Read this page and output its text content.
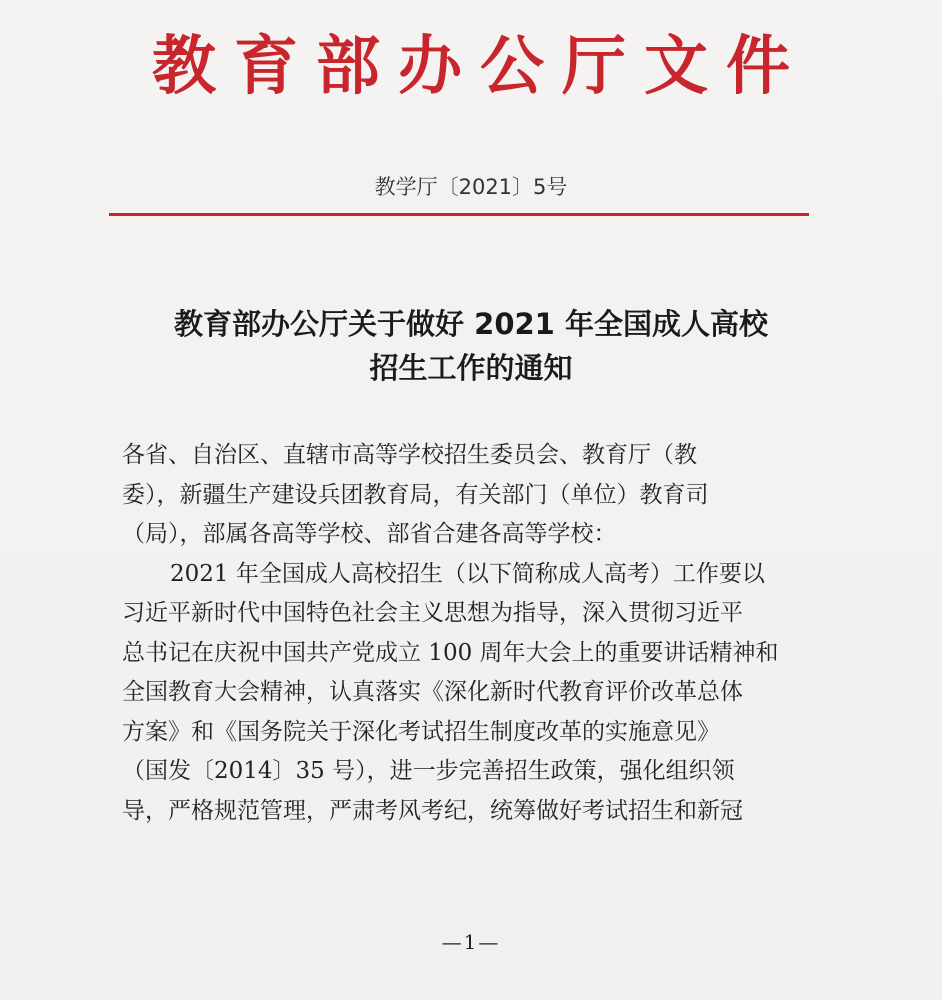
教育部办公厅文件
教学厅〔2021〕5号
教育部办公厅关于做好 2021 年全国成人高校
招生工作的通知
各省、自治区、直辖市高等学校招生委员会、教育厅（教
委），新疆生产建设兵团教育局，有关部门（单位）教育司
（局），部属各高等学校、部省合建各高等学校：
2021 年全国成人高校招生（以下简称成人高考）工作要以
习近平新时代中国特色社会主义思想为指导，深入贯彻习近平
总书记在庆祝中国共产党成立 100 周年大会上的重要讲话精神和
全国教育大会精神，认真落实《深化新时代教育评价改革总体
方案》和《国务院关于深化考试招生制度改革的实施意见》
（国发〔2014〕35 号），进一步完善招生政策，强化组织领
导，严格规范管理，严肃考风考纪，统筹做好考试招生和新冠
—1—
